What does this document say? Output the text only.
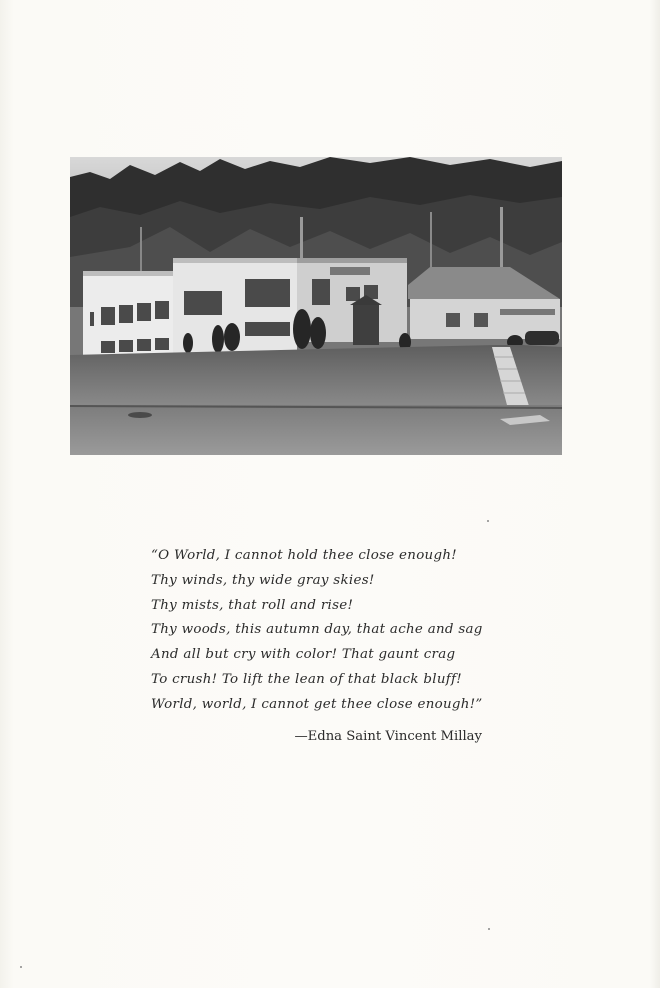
“O World, I cannot hold thee close enough!
Thy winds, thy wide gray skies!
Thy mists, that roll and rise!
Thy woods, this autumn day, that ache and sag
And all but cry with color! That gaunt crag
To crush! To lift the lean of that black bluff!
World, world, I cannot get thee close enough!”
—Edna Saint Vincent Millay
